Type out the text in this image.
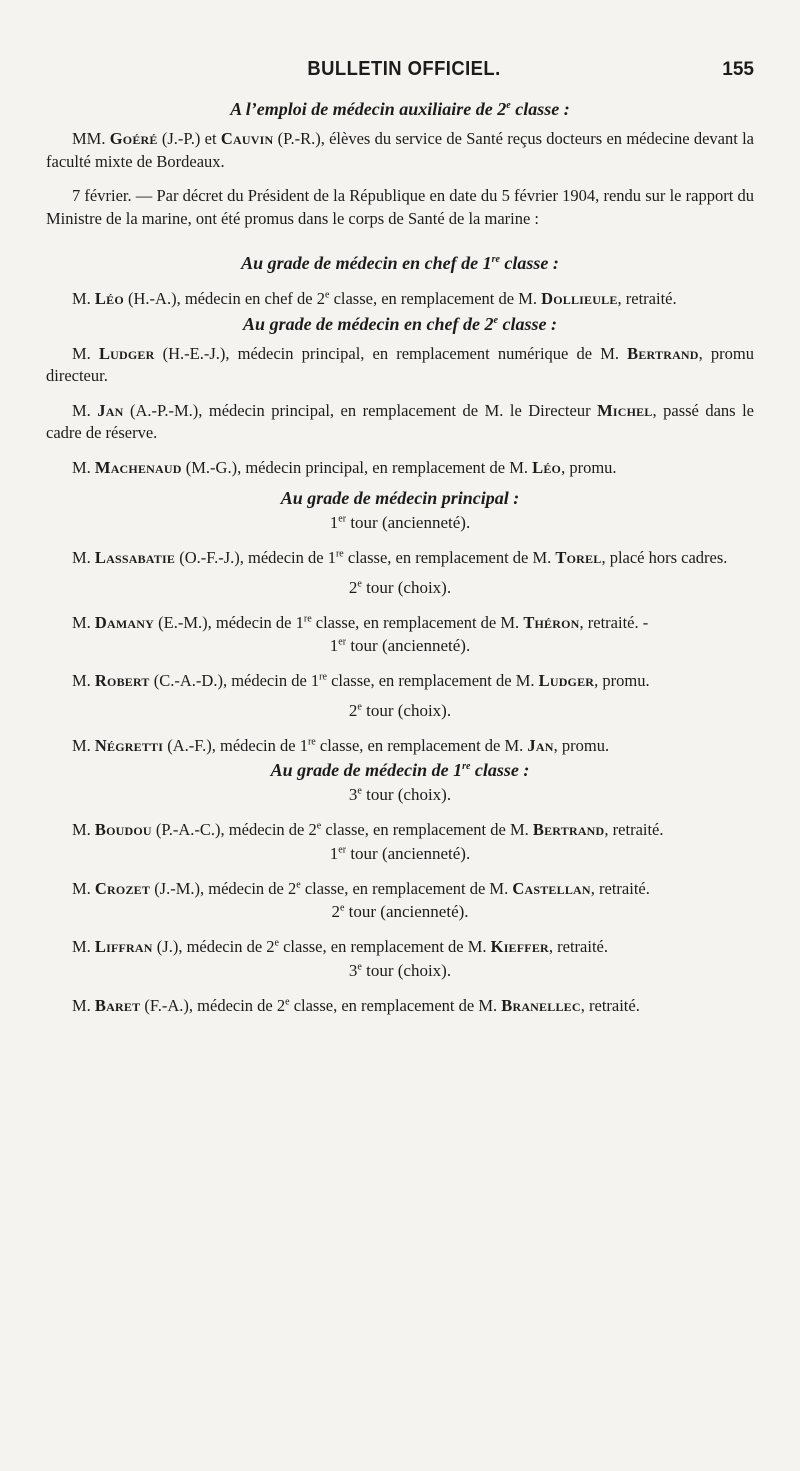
BULLETIN OFFICIEL.	155
A l’emploi de médecin auxiliaire de 2e classe :

MM. Goéré (J.-P.) et Cauvin (P.-R.), élèves du service de Santé reçus docteurs en médecine devant la faculté mixte de Bordeaux.

7 février. — Par décret du Président de la République en date du 5 février 1904, rendu sur le rapport du Ministre de la marine, ont été promus dans le corps de Santé de la marine :

Au grade de médecin en chef de 1re classe :

M. Léo (H.-A.), médecin en chef de 2e classe, en remplacement de M. Dollieule, retraité.

Au grade de médecin en chef de 2e classe :

M. Ludger (H.-E.-J.), médecin principal, en remplacement numérique de M. Bertrand, promu directeur.

M. Jan (A.-P.-M.), médecin principal, en remplacement de M. le Directeur Michel, passé dans le cadre de réserve.

M. Machenaud (M.-G.), médecin principal, en remplacement de M. Léo, promu.

Au grade de médecin principal :
1er tour (ancienneté).

M. Lassabatie (O.-F.-J.), médecin de 1re classe, en remplacement de M. Torel, placé hors cadres.

2e tour (choix).

M. Damany (E.-M.), médecin de 1re classe, en remplacement de M. Théron, retraité. -

1er tour (ancienneté).

M. Robert (C.-A.-D.), médecin de 1re classe, en remplacement de M. Ludger, promu.

2e tour (choix).

M. Négretti (A.-F.), médecin de 1re classe, en remplacement de M. Jan, promu.

Au grade de médecin de 1re classe :
3e tour (choix).

M. Boudou (P.-A.-C.), médecin de 2e classe, en remplacement de M. Bertrand, retraité.

1er tour (ancienneté).

M. Crozet (J.-M.), médecin de 2e classe, en remplacement de M. Castellan, retraité.

2e tour (ancienneté).

M. Liffran (J.), médecin de 2e classe, en remplacement de M. Kieffer, retraité.

3e tour (choix).

M. Baret (F.-A.), médecin de 2e classe, en remplacement de M. Branellec, retraité.
